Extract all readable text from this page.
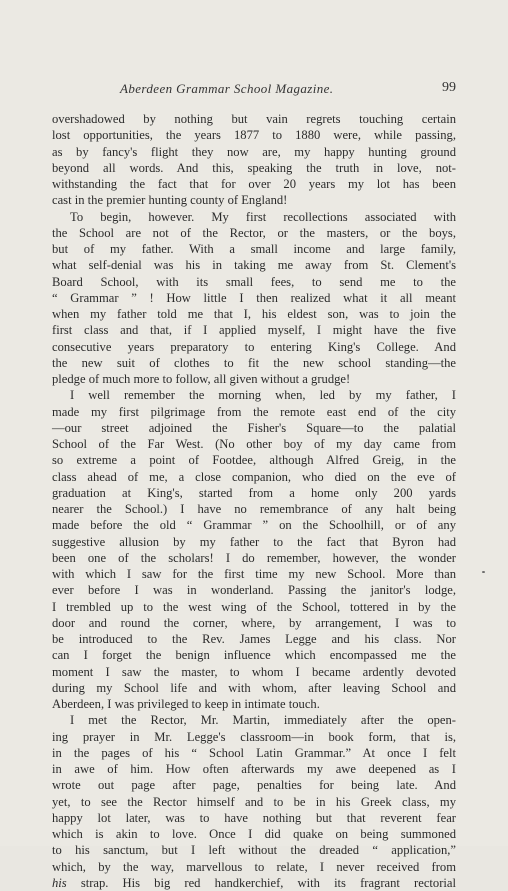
Aberdeen Grammar School Magazine.	99
overshadowed by nothing but vain regrets touching certain
lost opportunities, the years 1877 to 1880 were, while passing,
as by fancy's flight they now are, my happy hunting ground
beyond all words. And this, speaking the truth in love, not-
withstanding the fact that for over 20 years my lot has been
cast in the premier hunting county of England!
To begin, however. My first recollections associated with
the School are not of the Rector, or the masters, or the boys,
but of my father. With a small income and large family,
what self-denial was his in taking me away from St. Clement's
Board School, with its small fees, to send me to the
“ Grammar ” ! How little I then realized what it all meant
when my father told me that I, his eldest son, was to join the
first class and that, if I applied myself, I might have the five
consecutive years preparatory to entering King's College. And
the new suit of clothes to fit the new school standing—the
pledge of much more to follow, all given without a grudge!
I well remember the morning when, led by my father, I
made my first pilgrimage from the remote east end of the city
—our street adjoined the Fisher's Square—to the palatial
School of the Far West. (No other boy of my day came from
so extreme a point of Footdee, although Alfred Greig, in the
class ahead of me, a close companion, who died on the eve of
graduation at King's, started from a home only 200 yards
nearer the School.) I have no remembrance of any halt being
made before the old “ Grammar ” on the Schoolhill, or of any
suggestive allusion by my father to the fact that Byron had
been one of the scholars! I do remember, however, the wonder
with which I saw for the first time my new School. More than
ever before I was in wonderland. Passing the janitor's lodge,
I trembled up to the west wing of the School, tottered in by the
door and round the corner, where, by arrangement, I was to
be introduced to the Rev. James Legge and his class. Nor
can I forget the benign influence which encompassed me the
moment I saw the master, to whom I became ardently devoted
during my School life and with whom, after leaving School and
Aberdeen, I was privileged to keep in intimate touch.
I met the Rector, Mr. Martin, immediately after the open-
ing prayer in Mr. Legge's classroom—in book form, that is,
in the pages of his “ School Latin Grammar.” At once I felt
in awe of him. How often afterwards my awe deepened as I
wrote out page after page, penalties for being late. And
yet, to see the Rector himself and to be in his Greek class, my
happy lot later, was to have nothing but that reverent fear
which is akin to love. Once I did quake on being summoned
to his sanctum, but I left without the dreaded “ application,”
which, by the way, marvellous to relate, I never received from
his strap. His big red handkerchief, with its fragrant rectorial
